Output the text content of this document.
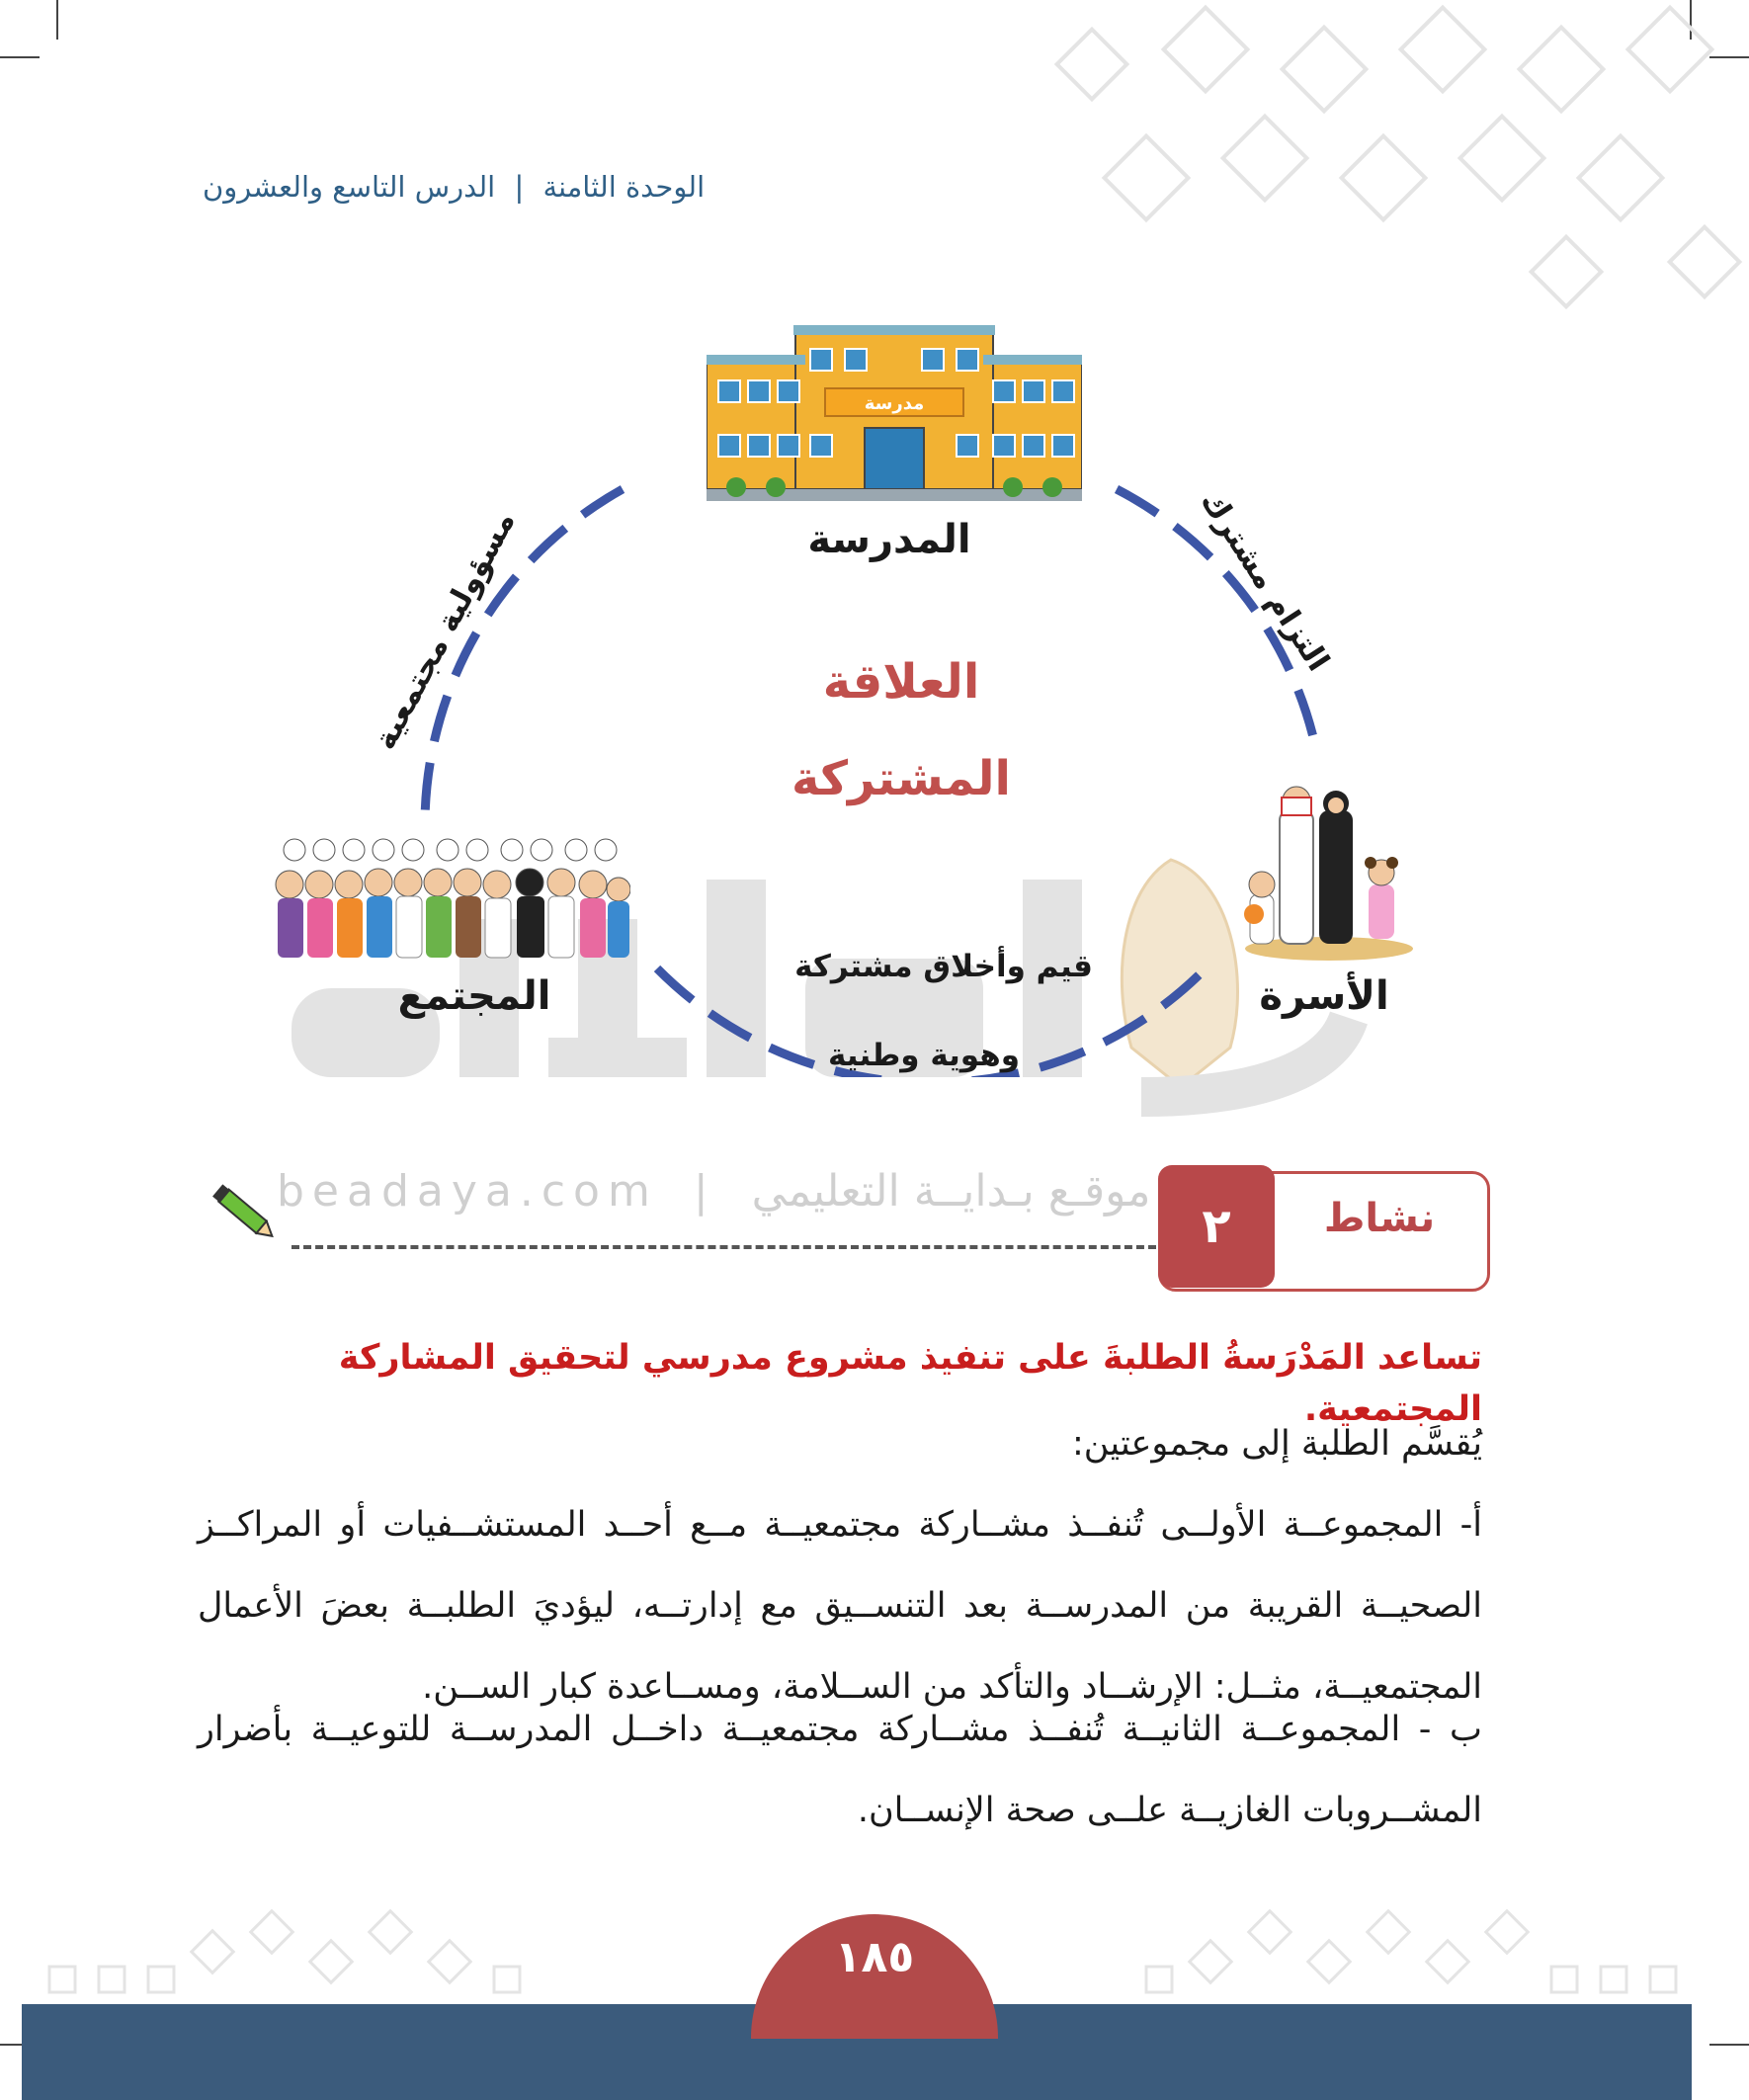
الوحدة الثامنة | الدرس التاسع والعشرون
مدرسة
المدرسة
الأسرة
المجتمع
العلاقة
المشتركة
مسؤولية مجتمعية	التزام مشترك
قيم وأخلاق مشتركة
وهوية وطنية
beadaya.com | موقـع بـدايــة التعليمي
٢	نشاط
تساعد المَدْرَسةُ الطلبةَ على تنفيذ مشروع مدرسي لتحقيق المشاركة المجتمعية.
يُقسَّم الطلبة إلى مجموعتين:
أ- المجموعــة الأولــى تُنفــذ مشــاركة مجتمعيــة مــع أحــد المستشــفيات أو المراكــز الصحيــة القريبة من المدرســة بعد التنســيق مع إدارتــه، ليؤديَ الطلبــة بعضَ الأعمال المجتمعيــة، مثــل: الإرشــاد والتأكد من الســلامة، ومســاعدة كبار الســن.
ب - المجموعــة الثانيــة تُنفــذ مشــاركة مجتمعيــة داخــل المدرســة للتوعيــة بأضرار المشــروبات الغازيــة علــى صحة الإنســان.
١٨٥
